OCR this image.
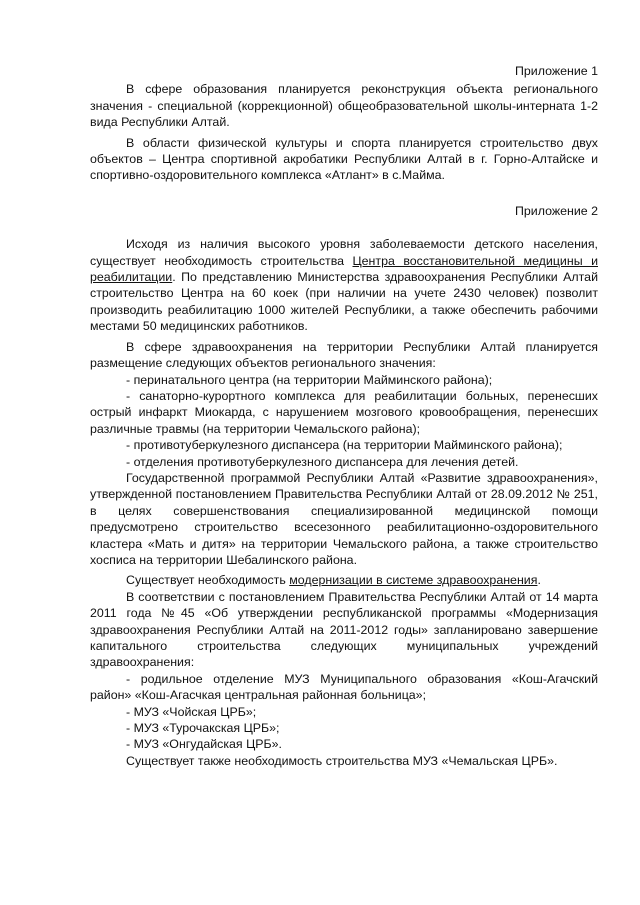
Приложение 1

В сфере образования планируется реконструкция объекта регионального значения - специальной (коррекционной) общеобразовательной школы-интерната 1-2 вида Республики Алтай.

В области физической культуры и спорта планируется строительство двух объектов – Центра спортивной акробатики Республики Алтай в г. Горно-Алтайске и спортивно-оздоровительного комплекса «Атлант» в с.Майма.

Приложение 2

Исходя из наличия высокого уровня заболеваемости детского населения, существует необходимость строительства Центра восстановительной медицины и реабилитации. По представлению Министерства здравоохранения Республики Алтай строительство Центра на 60 коек (при наличии на учете 2430 человек) позволит производить реабилитацию 1000 жителей Республики, а также обеспечить рабочими местами 50 медицинских работников.

В сфере здравоохранения на территории Республики Алтай планируется размещение следующих объектов регионального значения:

- перинатального центра (на территории Майминского района);

- санаторно-курортного комплекса для реабилитации больных, перенесших острый инфаркт Миокарда, с нарушением мозгового кровообращения, перенесших различные травмы (на территории Чемальского района);

- противотуберкулезного диспансера (на территории Майминского района);

- отделения противотуберкулезного диспансера для лечения детей.

Государственной программой Республики Алтай «Развитие здравоохранения», утвержденной постановлением Правительства Республики Алтай от 28.09.2012 № 251, в целях совершенствования специализированной медицинской помощи предусмотрено строительство всесезонного реабилитационно-оздоровительного кластера «Мать и дитя» на территории Чемальского района, а также строительство хосписа на территории Шебалинского района.

Существует необходимость модернизации в системе здравоохранения.

В соответствии с постановлением Правительства Республики Алтай от 14 марта 2011 года №45 «Об утверждении республиканской программы «Модернизация здравоохранения Республики Алтай на 2011-2012 годы» запланировано завершение капитального строительства следующих муниципальных учреждений здравоохранения:

- родильное отделение МУЗ Муниципального образования «Кош-Агачский район» «Кош-Агасчкая центральная районная больница»;

- МУЗ «Чойская ЦРБ»;

- МУЗ «Турочакская ЦРБ»;

- МУЗ «Онгудайская ЦРБ».

Существует также необходимость строительства МУЗ «Чемальская ЦРБ».
